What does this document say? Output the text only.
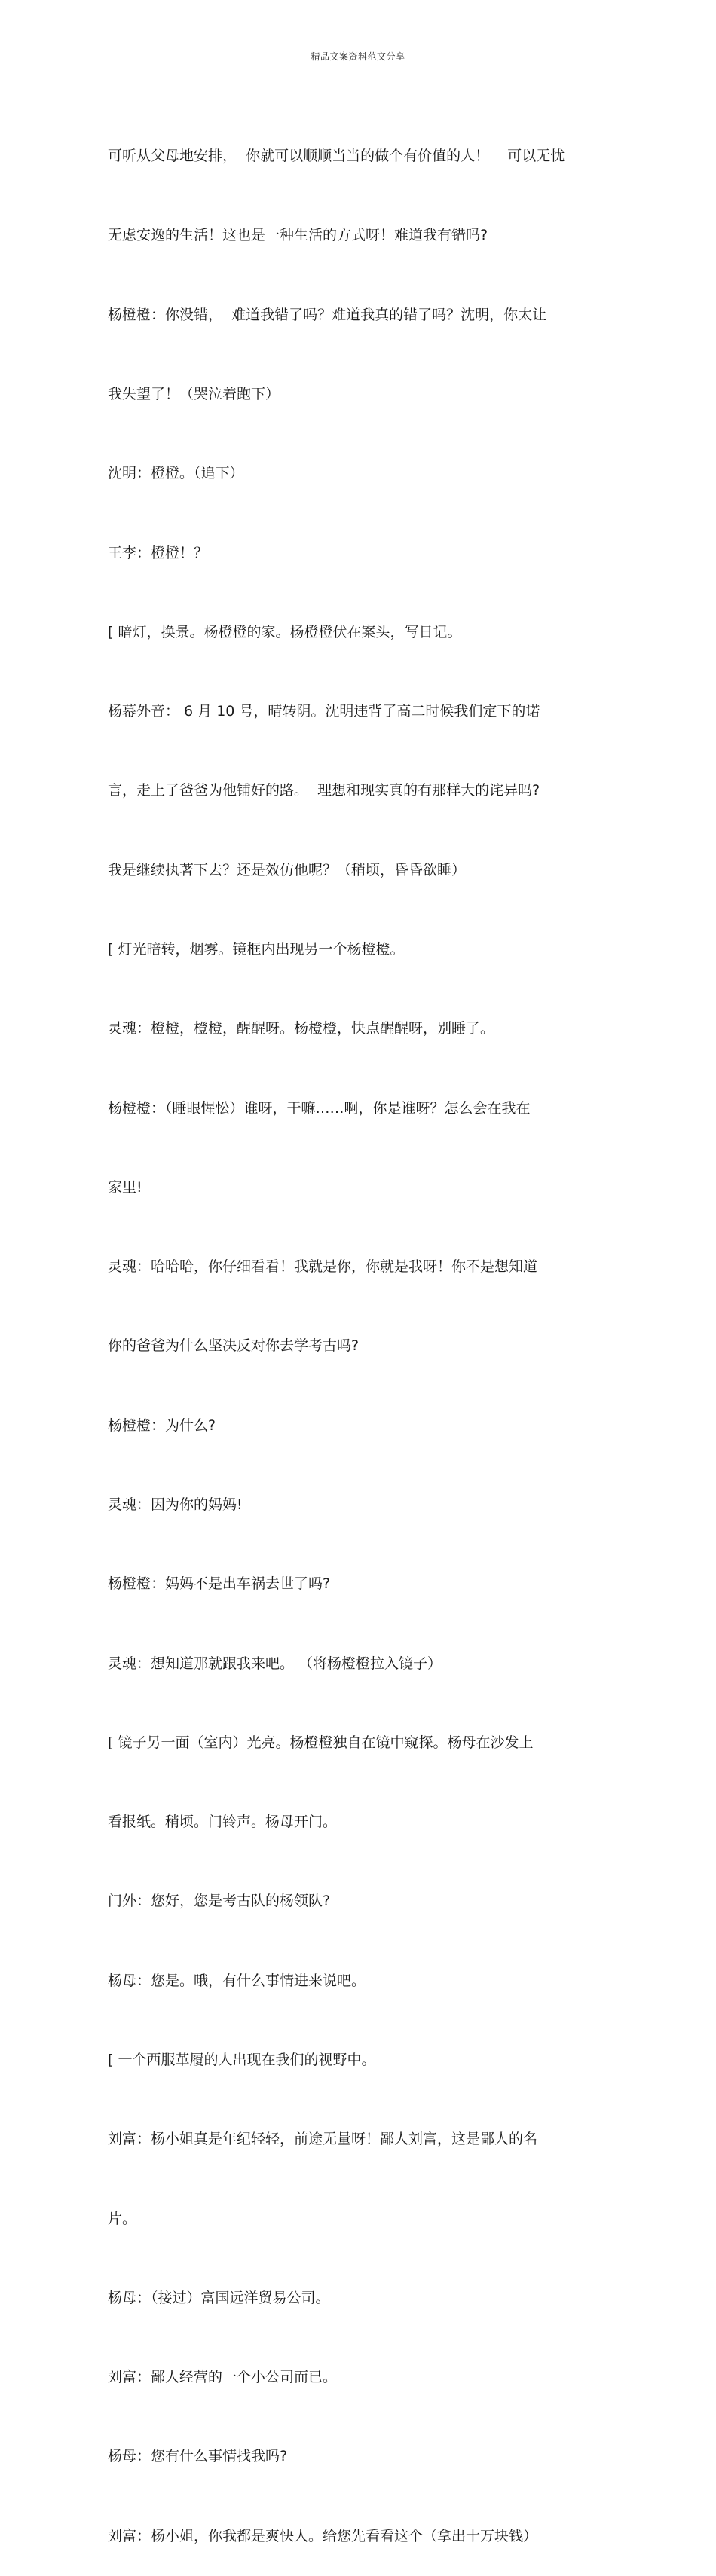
精品文案资料范文分享

可听从父母地安排，  你就可以顺顺当当的做个有价值的人！    可以无忧

无虑安逸的生活！这也是一种生活的方式呀！难道我有错吗?

杨橙橙：你没错，  难道我错了吗？难道我真的错了吗？沈明，你太让

我失望了！（哭泣着跑下）

沈明：橙橙。（追下）

王李：橙橙！？

[ 暗灯，换景。杨橙橙的家。杨橙橙伏在案头，写日记。

杨幕外音： 6 月 10 号，晴转阴。沈明违背了高二时候我们定下的诺

言，走上了爸爸为他铺好的路。  理想和现实真的有那样大的诧异吗?

我是继续执著下去？还是效仿他呢？（稍顷，昏昏欲睡）

[ 灯光暗转，烟雾。镜框内出现另一个杨橙橙。

灵魂：橙橙，橙橙，醒醒呀。杨橙橙，快点醒醒呀，别睡了。

杨橙橙：（睡眼惺忪）谁呀，干嘛……啊，你是谁呀？怎么会在我在

家里!

灵魂：哈哈哈，你仔细看看！我就是你，你就是我呀！你不是想知道

你的爸爸为什么坚决反对你去学考古吗?

杨橙橙：为什么?

灵魂：因为你的妈妈!

杨橙橙：妈妈不是出车祸去世了吗?

灵魂：想知道那就跟我来吧。 （将杨橙橙拉入镜子）

[ 镜子另一面（室内）光亮。杨橙橙独自在镜中窥探。杨母在沙发上

看报纸。稍顷。门铃声。杨母开门。

门外：您好，您是考古队的杨领队?

杨母：您是。哦，有什么事情进来说吧。

[ 一个西服革履的人出现在我们的视野中。

刘富：杨小姐真是年纪轻轻，前途无量呀！鄙人刘富，这是鄙人的名

片。

杨母：（接过）富国远洋贸易公司。

刘富：鄙人经营的一个小公司而已。

杨母：您有什么事情找我吗?

刘富：杨小姐，你我都是爽快人。给您先看看这个（拿出十万块钱）
